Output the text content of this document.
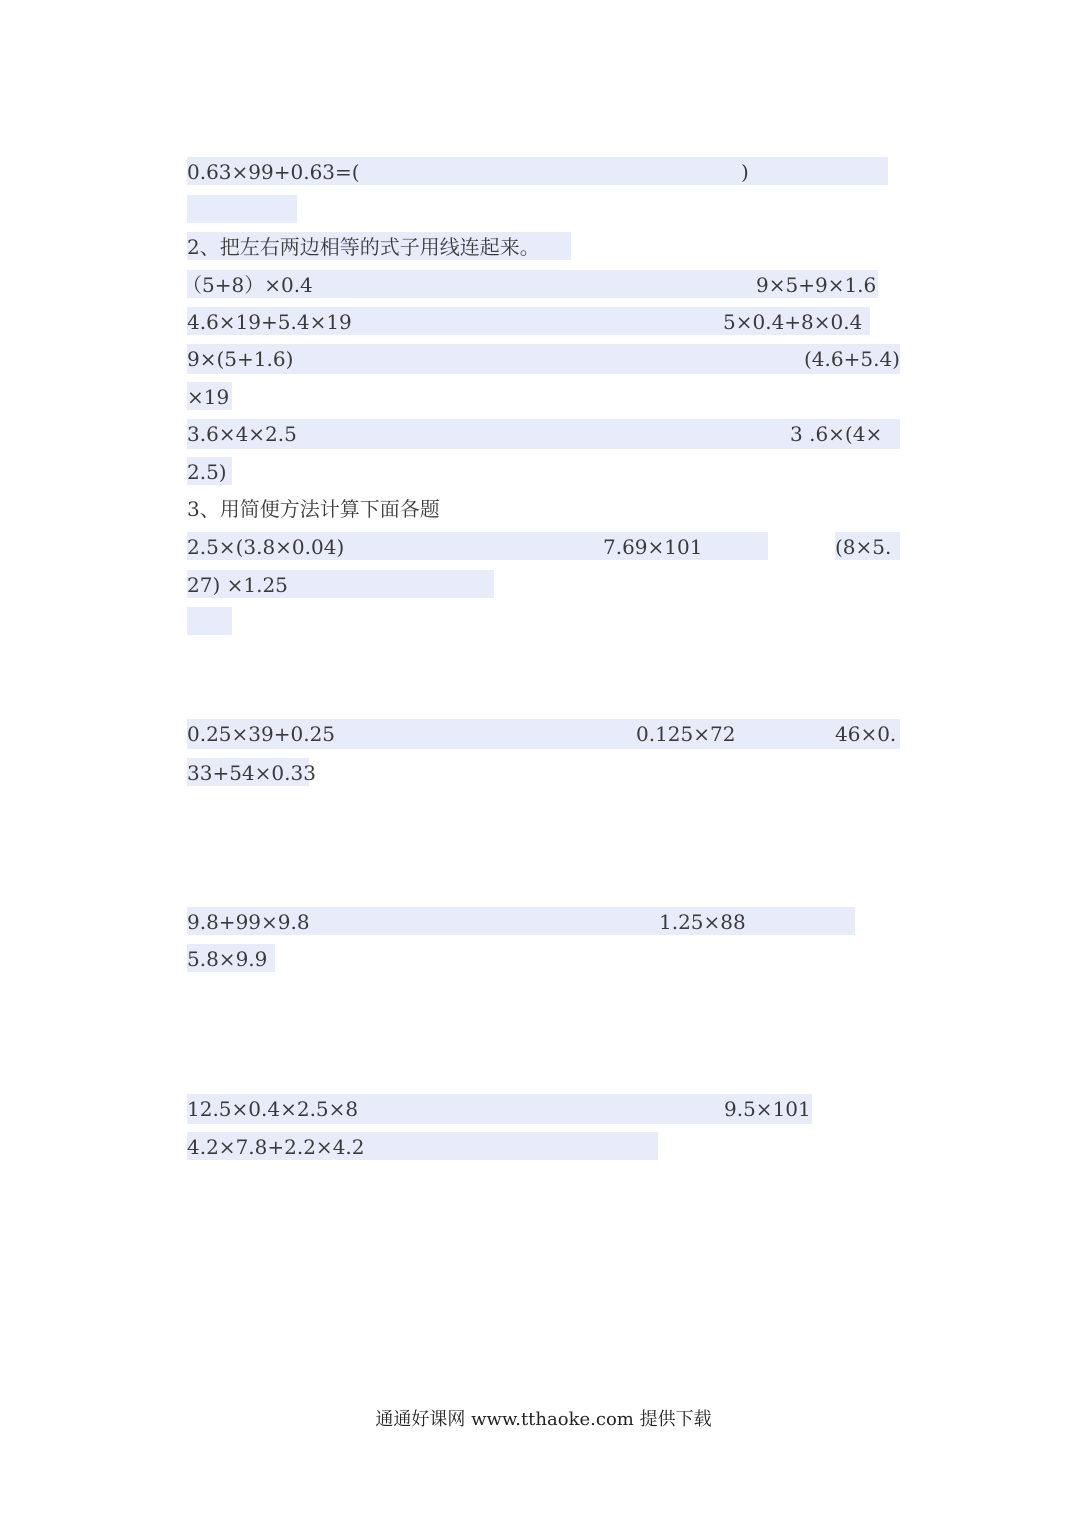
0.63×99+0.63=(	)
2、把左右两边相等的式子用线连起来。
（5+8）×0.4	9×5+9×1.6
4.6×19+5.4×19	5×0.4+8×0.4
9×(5+1.6)	(4.6+5.4)
×19
3.6×4×2.5	3 .6×(4×
2.5)
3、用简便方法计算下面各题
2.5×(3.8×0.04)	7.69×101	(8×5.
27) ×1.25
0.25×39+0.25	0.125×72	46×0.
33+54×0.33
9.8+99×9.8	1.25×88
5.8×9.9
12.5×0.4×2.5×8	9.5×101
4.2×7.8+2.2×4.2
通通好课网 www.tthaoke.com 提供下载
